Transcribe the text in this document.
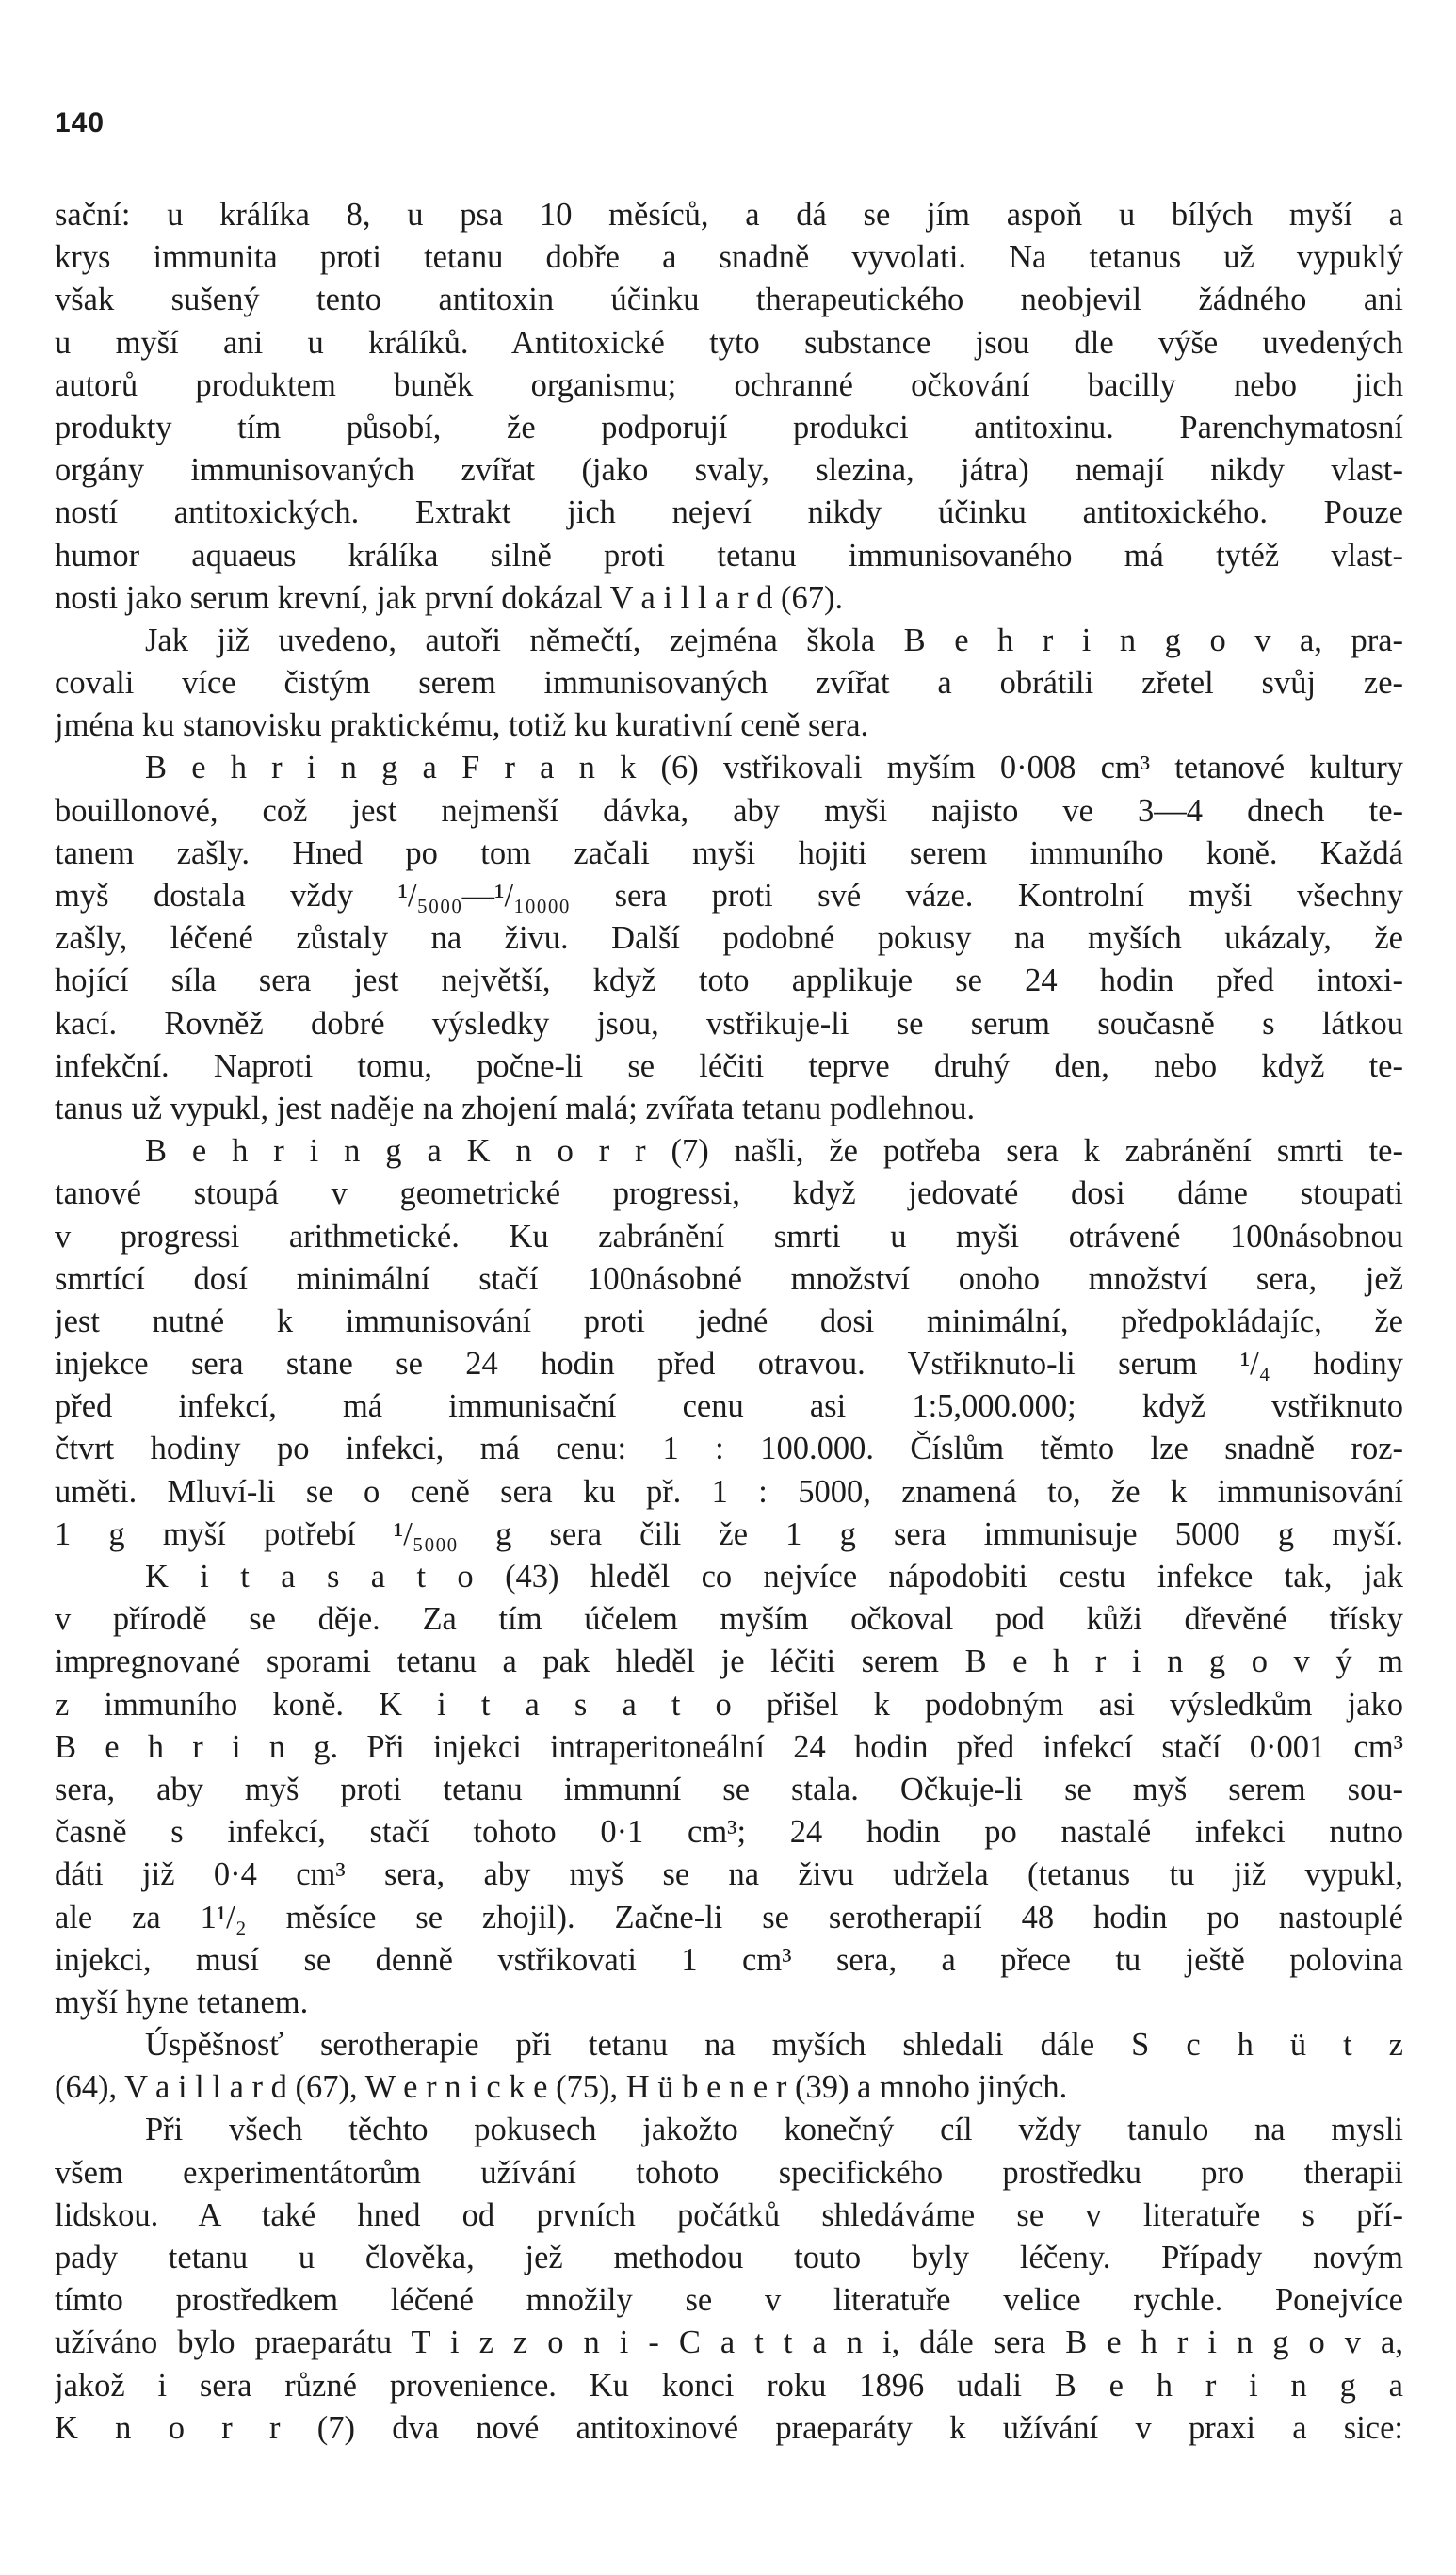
140
sační: u králíka 8, u psa 10 měsíců, a dá se jím aspoň u bílých myší a
krys immunita proti tetanu dobře a snadně vyvolati. Na tetanus už vypuklý
však sušený tento antitoxin účinku therapeutického neobjevil žádného ani
u myší ani u králíků. Antitoxické tyto substance jsou dle výše uvedených
autorů produktem buněk organismu; ochranné očkování bacilly nebo jich
produkty tím působí, že podporují produkci antitoxinu. Parenchymatosní
orgány immunisovaných zvířat (jako svaly, slezina, játra) nemají nikdy vlast-
ností antitoxických. Extrakt jich nejeví nikdy účinku antitoxického. Pouze
humor aquaeus králíka silně proti tetanu immunisovaného má tytéž vlast-
nosti jako serum krevní, jak první dokázal V a i l l a r d (67).
Jak již uvedeno, autoři němečtí, zejména škola B e h r i n g o v a, pra-
covali více čistým serem immunisovaných zvířat a obrátili zřetel svůj ze-
jména ku stanovisku praktickému, totiž ku kurativní ceně sera.
B e h r i n g a F r a n k (6) vstřikovali myším 0·008 cm³ tetanové kultury
bouillonové, což jest nejmenší dávka, aby myši najisto ve 3—4 dnech te-
tanem zašly. Hned po tom začali myši hojiti serem immuního koně. Každá
myš dostala vždy ¹/₅₀₀₀—¹/₁₀₀₀₀ sera proti své váze. Kontrolní myši všechny
zašly, léčené zůstaly na živu. Další podobné pokusy na myších ukázaly, že
hojící síla sera jest největší, když toto applikuje se 24 hodin před intoxi-
kací. Rovněž dobré výsledky jsou, vstřikuje-li se serum současně s látkou
infekční. Naproti tomu, počne-li se léčiti teprve druhý den, nebo když te-
tanus už vypukl, jest naděje na zhojení malá; zvířata tetanu podlehnou.
B e h r i n g a K n o r r (7) našli, že potřeba sera k zabránění smrti te-
tanové stoupá v geometrické progressi, když jedovaté dosi dáme stoupati
v progressi arithmetické. Ku zabránění smrti u myši otrávené 100násobnou
smrtící dosí minimální stačí 100násobné množství onoho množství sera, jež
jest nutné k immunisování proti jedné dosi minimální, předpokládajíc, že
injekce sera stane se 24 hodin před otravou. Vstřiknuto-li serum ¹/₄ hodiny
před infekcí, má immunisační cenu asi 1:5,000.000; když vstřiknuto
čtvrt hodiny po infekci, má cenu: 1 : 100.000. Číslům těmto lze snadně roz-
uměti. Mluví-li se o ceně sera ku př. 1 : 5000, znamená to, že k immunisování
1 g myší potřebí ¹/₅₀₀₀ g sera čili že 1 g sera immunisuje 5000 g myší.
K i t a s a t o (43) hleděl co nejvíce nápodobiti cestu infekce tak, jak
v přírodě se děje. Za tím účelem myším očkoval pod kůži dřevěné třísky
impregnované sporami tetanu a pak hleděl je léčiti serem B e h r i n g o v ý m
z immuního koně. K i t a s a t o přišel k podobným asi výsledkům jako
B e h r i n g. Při injekci intraperitoneální 24 hodin před infekcí stačí 0·001 cm³
sera, aby myš proti tetanu immunní se stala. Očkuje-li se myš serem sou-
časně s infekcí, stačí tohoto 0·1 cm³; 24 hodin po nastalé infekci nutno
dáti již 0·4 cm³ sera, aby myš se na živu udržela (tetanus tu již vypukl,
ale za 1¹/₂ měsíce se zhojil). Začne-li se serotherapií 48 hodin po nastouplé
injekci, musí se denně vstřikovati 1 cm³ sera, a přece tu ještě polovina
myší hyne tetanem.
Úspěšnosť serotherapie při tetanu na myších shledali dále S c h ü t z
(64), V a i l l a r d (67), W e r n i c k e (75), H ü b e n e r (39) a mnoho jiných.
Při všech těchto pokusech jakožto konečný cíl vždy tanulo na mysli
všem experimentátorům užívání tohoto specifického prostředku pro therapii
lidskou. A také hned od prvních počátků shledáváme se v literatuře s pří-
pady tetanu u člověka, jež methodou touto byly léčeny. Případy novým
tímto prostředkem léčené množily se v literatuře velice rychle. Ponejvíce
užíváno bylo praeparátu T i z z o n i - C a t t a n i, dále sera B e h r i n g o v a,
jakož i sera různé provenience. Ku konci roku 1896 udali B e h r i n g a
K n o r r (7) dva nové antitoxinové praeparáty k užívání v praxi a sice:
